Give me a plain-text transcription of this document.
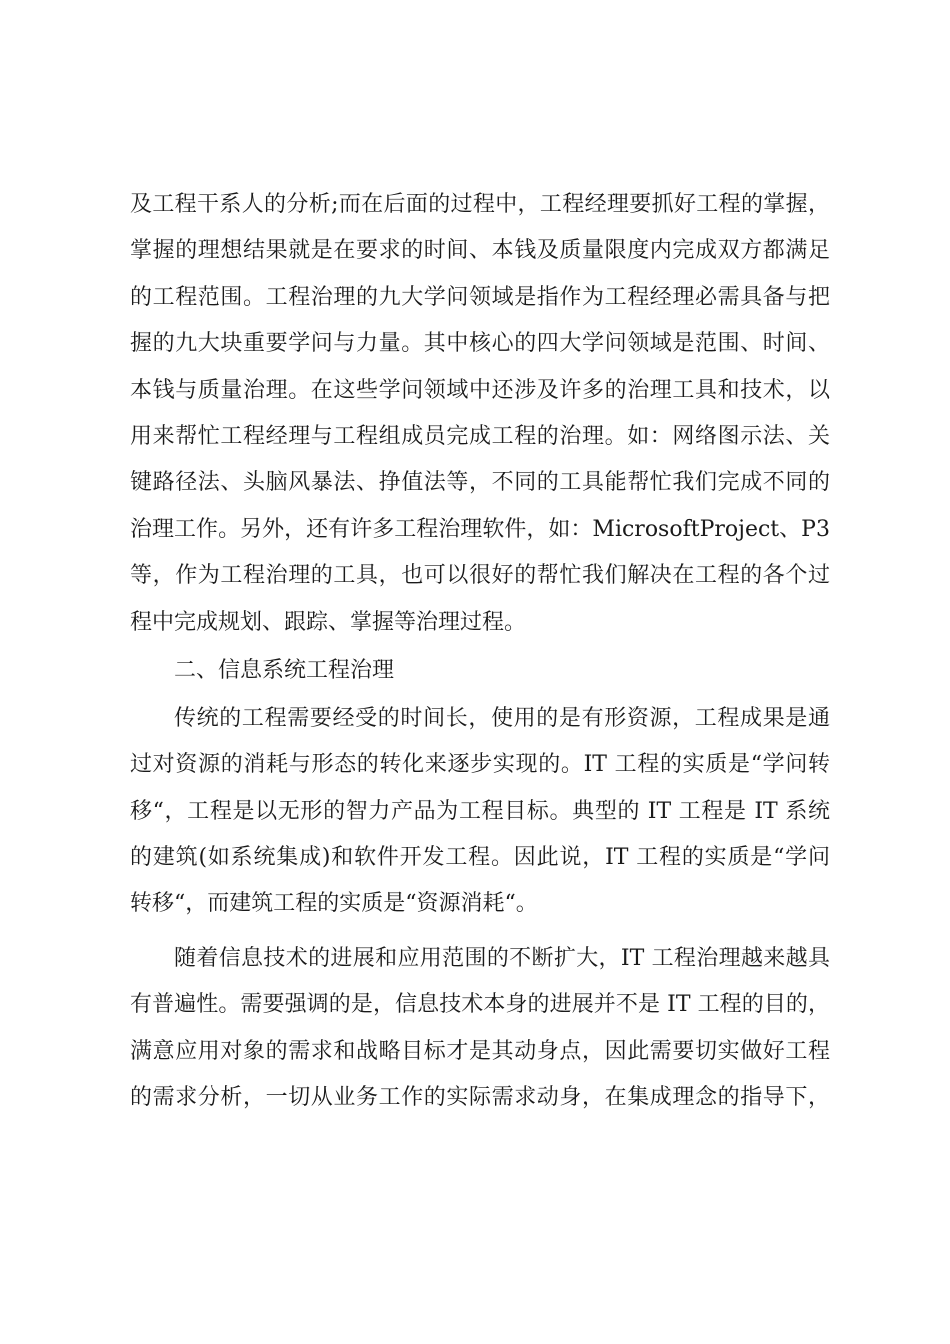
及工程干系人的分析;而在后面的过程中，工程经理要抓好工程的掌握，
掌握的理想结果就是在要求的时间、本钱及质量限度内完成双方都满足
的工程范围。工程治理的九大学问领域是指作为工程经理必需具备与把
握的九大块重要学问与力量。其中核心的四大学问领域是范围、时间、
本钱与质量治理。在这些学问领域中还涉及许多的治理工具和技术，以
用来帮忙工程经理与工程组成员完成工程的治理。如：网络图示法、关
键路径法、头脑风暴法、挣值法等，不同的工具能帮忙我们完成不同的
治理工作。另外，还有许多工程治理软件，如：MicrosoftProject、P3
等，作为工程治理的工具，也可以很好的帮忙我们解决在工程的各个过
程中完成规划、跟踪、掌握等治理过程。
二、信息系统工程治理
传统的工程需要经受的时间长，使用的是有形资源，工程成果是通
过对资源的消耗与形态的转化来逐步实现的。IT 工程的实质是“学问转
移“，工程是以无形的智力产品为工程目标。典型的 IT 工程是 IT 系统
的建筑(如系统集成)和软件开发工程。因此说，IT 工程的实质是“学问
转移“，而建筑工程的实质是“资源消耗“。
随着信息技术的进展和应用范围的不断扩大，IT 工程治理越来越具
有普遍性。需要强调的是，信息技术本身的进展并不是 IT 工程的目的，
满意应用对象的需求和战略目标才是其动身点，因此需要切实做好工程
的需求分析，一切从业务工作的实际需求动身，在集成理念的指导下，
